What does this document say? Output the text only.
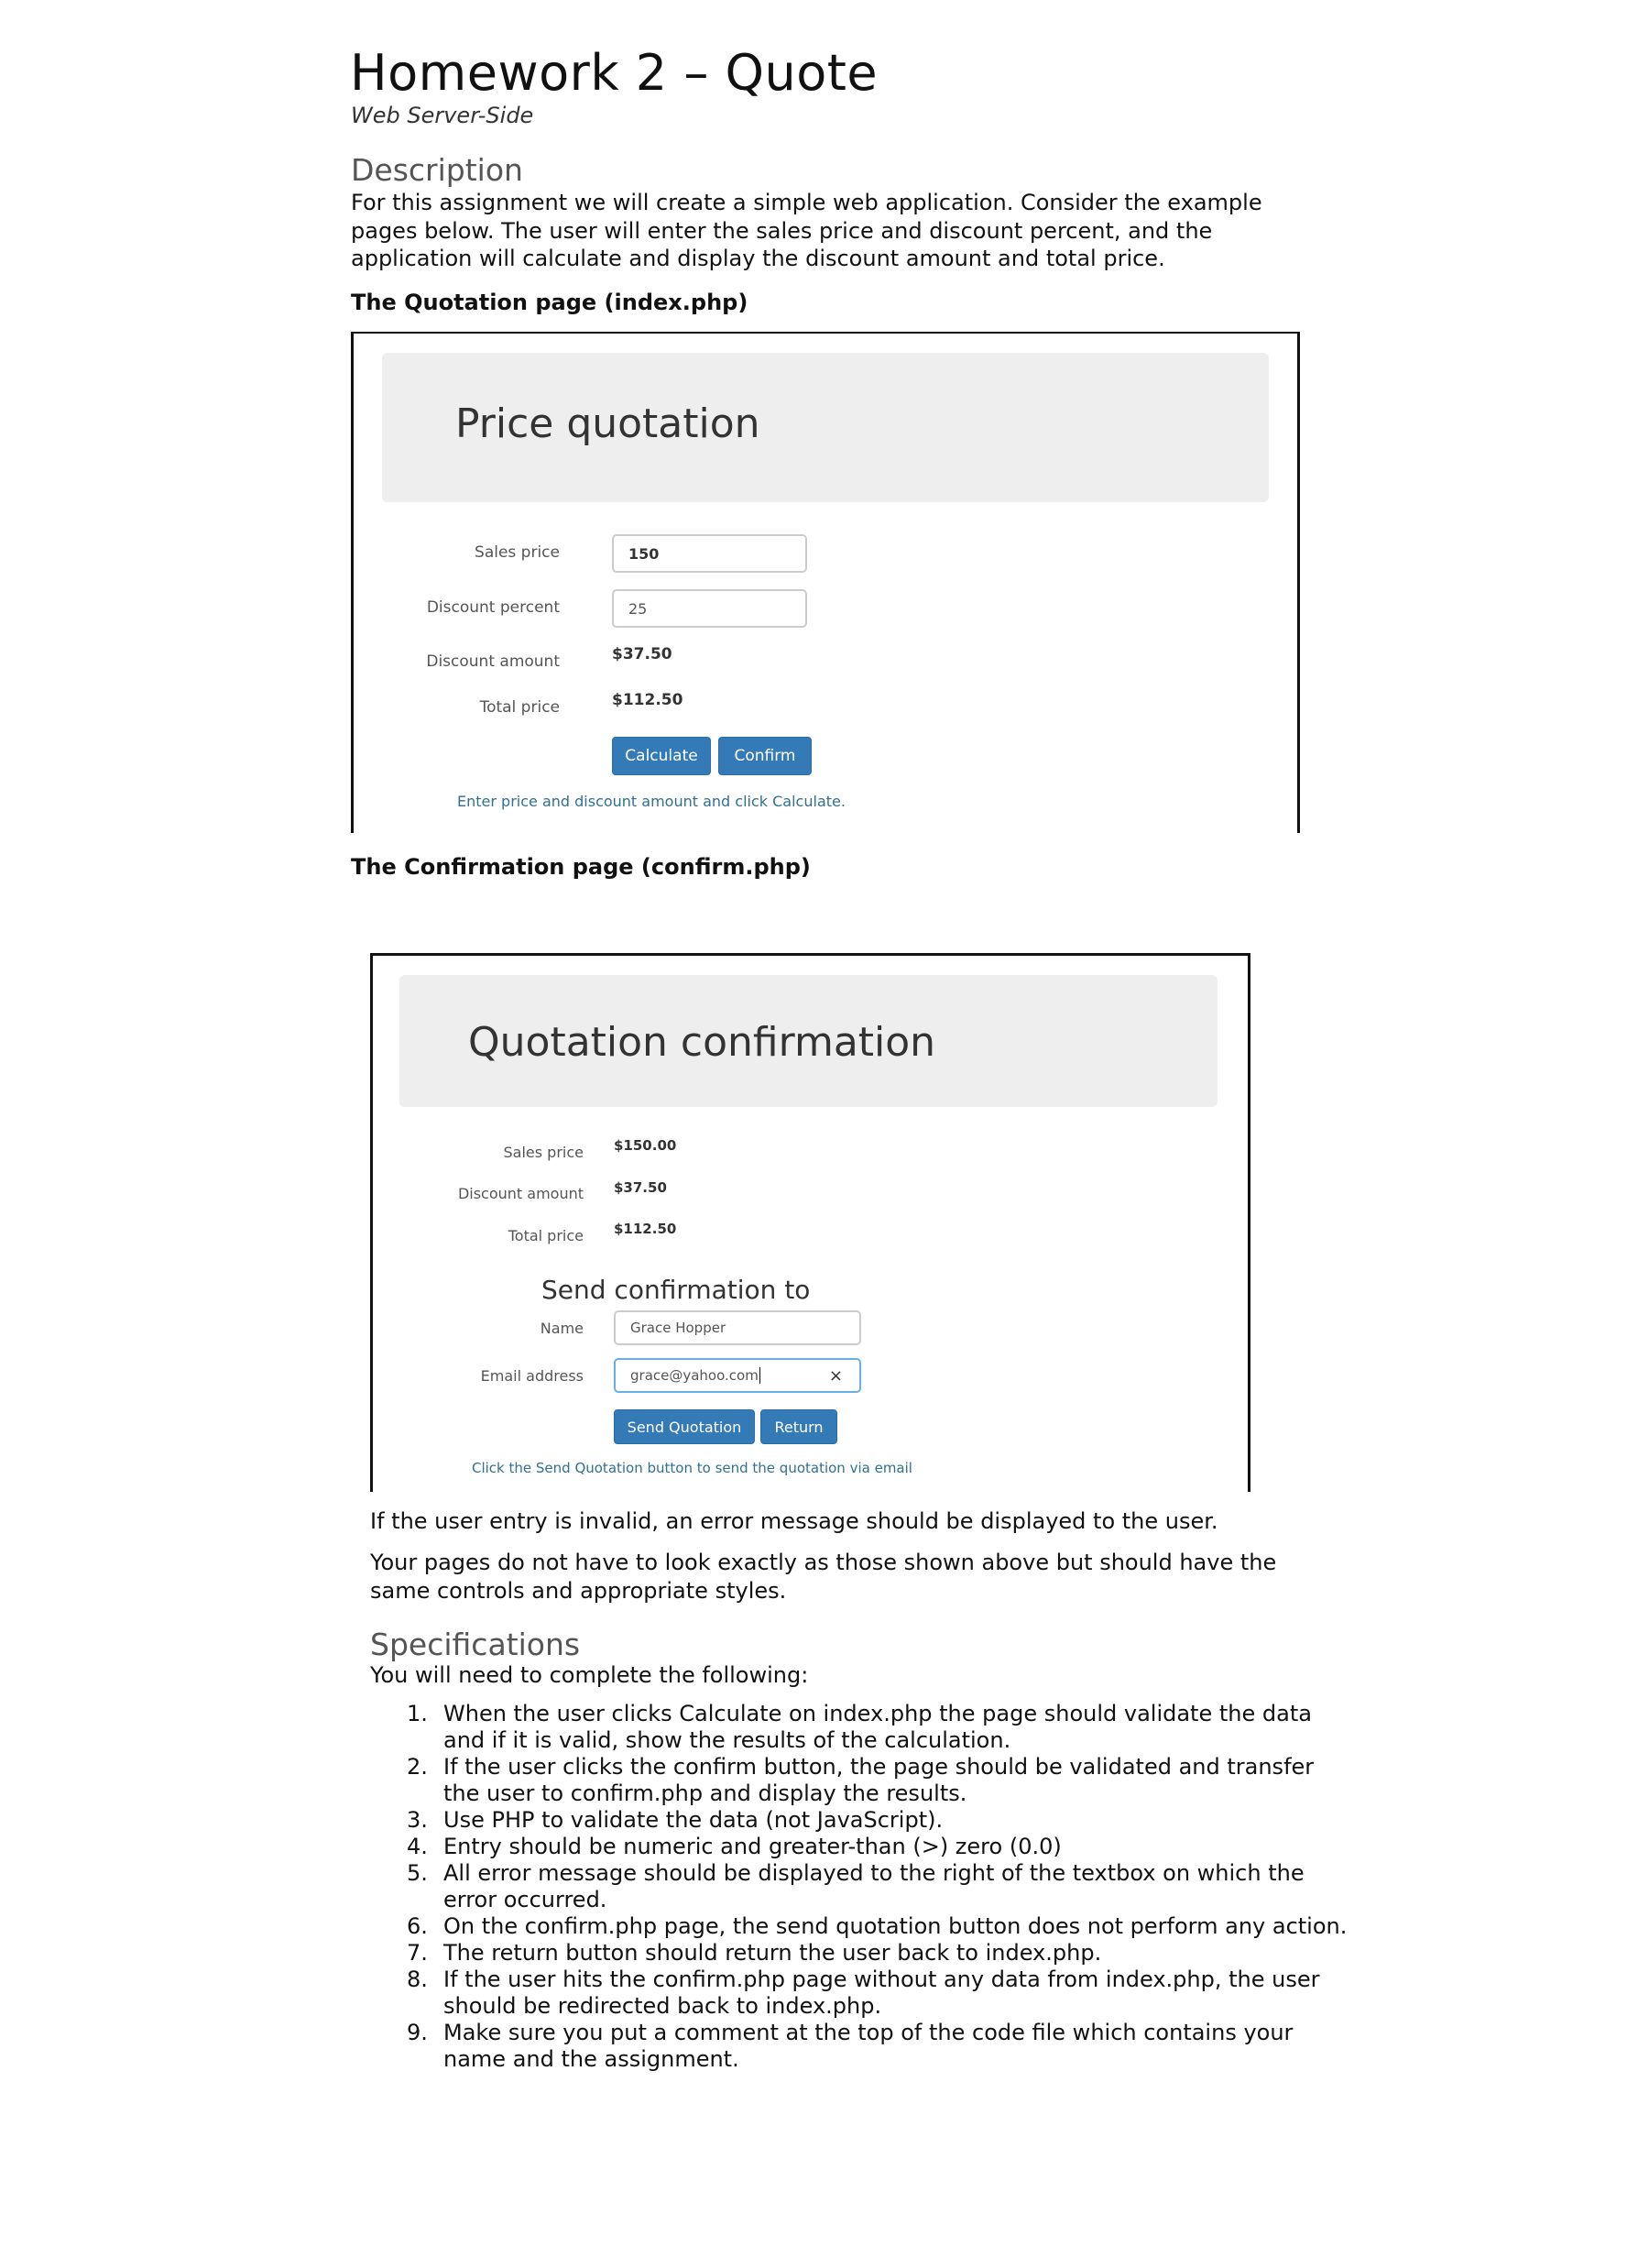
Homework 2 – Quote
Web Server-Side
Description
For this assignment we will create a simple web application. Consider the example pages below. The user will enter the sales price and discount percent, and the application will calculate and display the discount amount and total price.
The Quotation page (index.php)
Price quotation
Sales price	150
Discount percent	25
Discount amount	$37.50
Total price	$112.50
Calculate	Confirm
Enter price and discount amount and click Calculate.
The Confirmation page (confirm.php)
Quotation confirmation
Sales price $150.00
Discount amount $37.50
Total price $112.50
Send confirmation to
Name	Grace Hopper
Email address	grace@yahoo.com	×
Send Quotation	Return
Click the Send Quotation button to send the quotation via email
If the user entry is invalid, an error message should be displayed to the user.
Your pages do not have to look exactly as those shown above but should have the same controls and appropriate styles.
Specifications
You will need to complete the following:
1. When the user clicks Calculate on index.php the page should validate the data and if it is valid, show the results of the calculation.
2. If the user clicks the confirm button, the page should be validated and transfer the user to confirm.php and display the results.
3. Use PHP to validate the data (not JavaScript).
4. Entry should be numeric and greater-than (>) zero (0.0)
5. All error message should be displayed to the right of the textbox on which the error occurred.
6. On the confirm.php page, the send quotation button does not perform any action.
7. The return button should return the user back to index.php.
8. If the user hits the confirm.php page without any data from index.php, the user should be redirected back to index.php.
9. Make sure you put a comment at the top of the code file which contains your name and the assignment.
